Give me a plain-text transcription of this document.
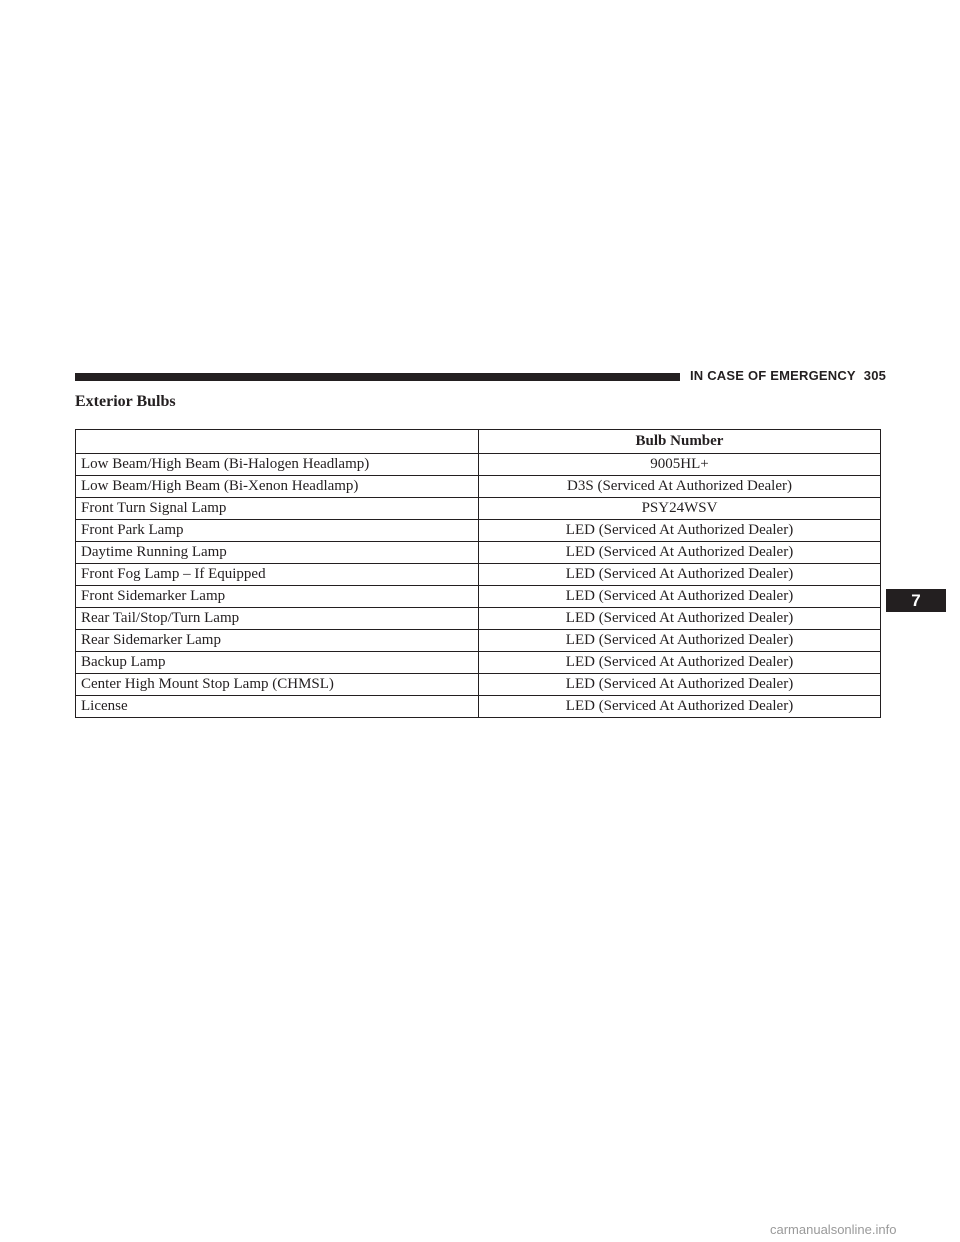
IN CASE OF EMERGENCY 305
Exterior Bulbs
	Bulb Number
Low Beam/High Beam (Bi-Halogen Headlamp)	9005HL+
Low Beam/High Beam (Bi-Xenon Headlamp)	D3S (Serviced At Authorized Dealer)
Front Turn Signal Lamp	PSY24WSV
Front Park Lamp	LED (Serviced At Authorized Dealer)
Daytime Running Lamp	LED (Serviced At Authorized Dealer)
Front Fog Lamp – If Equipped	LED (Serviced At Authorized Dealer)
Front Sidemarker Lamp	LED (Serviced At Authorized Dealer)
Rear Tail/Stop/Turn Lamp	LED (Serviced At Authorized Dealer)
Rear Sidemarker Lamp	LED (Serviced At Authorized Dealer)
Backup Lamp	LED (Serviced At Authorized Dealer)
Center High Mount Stop Lamp (CHMSL)	LED (Serviced At Authorized Dealer)
License	LED (Serviced At Authorized Dealer)
7
carmanualsonline.info
